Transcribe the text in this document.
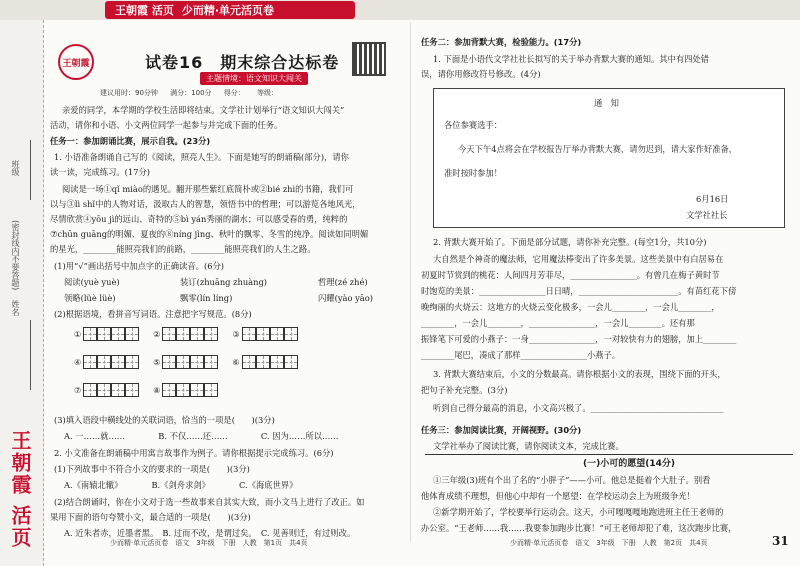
王朝霞 活页 少而精·单元活页卷
班级
(密封线内不要答题)
姓名
王朝霞 活页
王朝霞	试卷16　期末综合达标卷
主题情境：语文知识大闯关
建议用时：90分钟 满分：100分 得分： 等级：
亲爱的同学，本学期的学校生活即将结束。文学社计划举行“语文知识大闯关”
活动，请你和小语、小文两位同学一起参与并完成下面的任务。
任务一：参加朗诵比赛，展示自我。(23分)
1. 小语准备朗诵自己写的《阅读，照亮人生》。下面是她写的朗诵稿(部分)，请你
读一读，完成练习。(17分)
阅读是一场①qǐ miào的遇见。翻开那些紫红底简朴或②bié zhì的书籍，我们可
以与③lì shǐ中的人物对话，汲取古人的智慧，领悟书中的哲理；可以游览各地风光，
尽情欣赏④yōu jì的远山、奇特的⑤bì yán秀丽的湖水；可以感受春的勇，纯粹的
⑦chūn guāng的明媚、夏夜的⑧níng jìng、秋叶的飘零、冬雪的纯净。阅读如同明媚
的星光，________能照亮我们的前路，________能照亮我们的人生之路。
(1)用“√”画出括号中加点字的正确读音。(6分)
阅读(yuè yuè)	装订(zhuāng zhuàng)	哲理(zé zhé)
领略(lüè lüè)	飘零(lín líng)	闪耀(yào yāo)
(2)根据语境，看拼音写词语。注意把字写规范。(8分)
①	②	③
④	⑤	⑥
⑦	⑧
(3)填入语段中横线处的关联词语，恰当的一项是(　　)(3分)
A. 一……就……　　　　B. 不仅……还……　　　　C. 因为……所以……
2. 小文准备在朗诵稿中用寓言故事作为例子。请你根据提示完成练习。(6分)
(1)下列故事中不符合小文的要求的一项是(　　)(3分)
A.《南辕北辙》　　　　B.《剑舟求剑》　　　　C.《海底世界》
(2)结合朗诵时，你在小文对于选一些故事来自其实大致，而小文马上进行了改正。如
果用下面的语句夸赞小文，最合适的一项是(　　)(3分)
A. 近朱者赤，近墨者黑。　B. 过而不改，是谓过矣。　C. 见善则迁，有过则改。
少而精·单元活页卷　语文　3年级　下册　人教　第1页　共4页
任务二：参加背默大赛，检验能力。(17分)
1. 下面是小语代文学社社长拟写的关于举办背默大赛的通知。其中有四处错
误，请你用修改符号修改。(4分)
通　知
各位参赛选手：
今天下午4点将会在学校报告厅举办背默大赛，请勿迟到，请大家作好准备，
准时按时参加！
6月16日
文学社社长
2. 背默大赛开始了。下面是部分试题，请你补充完整。(每空1分，共10分)
大自然是个神奇的魔法师，它用魔法棒变出了许多美景。这些美景中有白居易在
初夏时节赏到的桃花：人间四月芳菲尽，________________。有曾几在梅子黄时节
时饱览的美景：________________日日晴，________________________。有苗红花下傍
晚绚丽的火烧云：这地方的火烧云变化极多，一会儿________，一会儿________，
________，一会儿________，________________，一会儿________。还有那
振锋笔下可爱的小燕子：一身________________，一对较快有力的翅膀，加上________
________尾巴，凑成了那样________________小燕子。
3. 背默大赛结束后，小文的分数最高。请你根据小文的表现，围绕下面的开头，
把句子补充完整。(3分)
听到自己得分最高的消息，小文高兴极了。________________________________
任务三：参加阅读比赛，开阔视野。(30分)
文学社举办了阅读比赛，请你阅读文本，完成比赛。
(一)小可的愿望(14分)
①三年级(3)班有个出了名的“小胖子”——小可。他总是挺着个大肚子。别看
他体育成绩不理想，但他心中却有一个愿望：在学校运动会上为班级争光！
②新学期开始了，学校要举行运动会。这天，小可嘎嘎嘎地跑进班主任王老师的
办公室。“王老师……我……我要参加跑步比赛！”可王老师却犯了难，这次跑步比赛，
少而精·单元活页卷　语文　3年级　下册　人教　第2页　共4页	31
